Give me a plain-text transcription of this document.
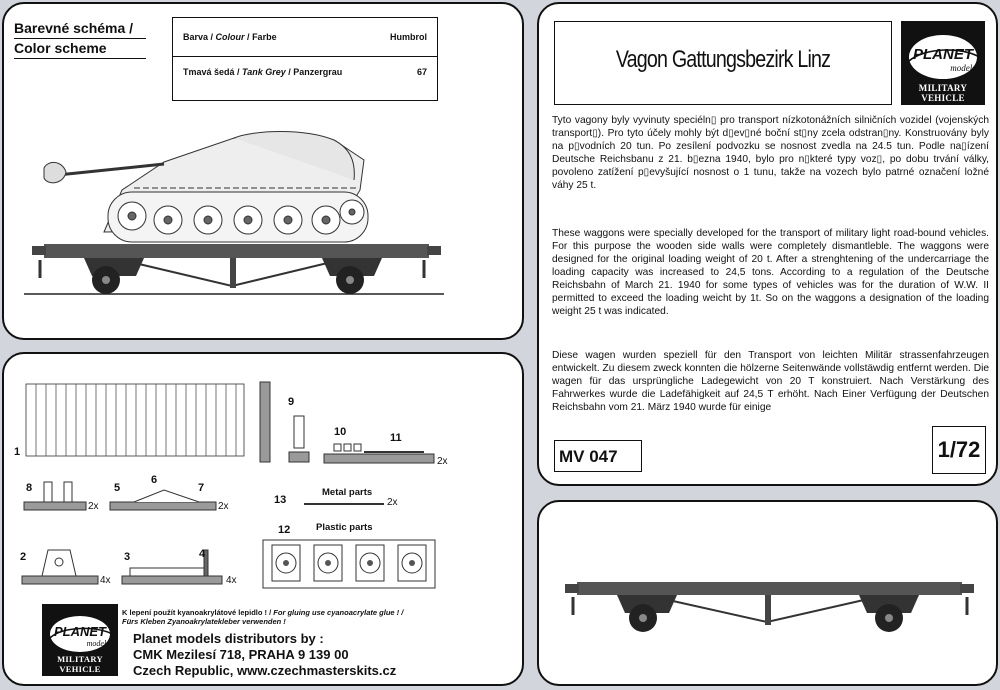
Barevné schéma /
Color scheme
Barva / Colour / Farbe	Humbrol
Tmavá šedá / Tank Grey / Panzergrau	67
1
2	3	4
5
6
7
8
9
10	11
12
13
2x	2x
2x
4x	4x
2x
Metal parts
Plastic parts
PLANET
models
MILITARY VEHICLE
K lepení použít kyanoakrylátové lepidlo ! / For gluing use cyanoacrylate glue ! /
Fürs Kleben Zyanoakrylatekleber verwenden !
Planet models distributors by :
CMK Mezilesí 718, PRAHA 9 139 00
Czech Republic, www.czechmasterskits.cz
Vagon Gattungsbezirk Linz	PLANET
models
MILITARY VEHICLE

Tyto vagony byly vyvinuty speciéln▯ pro transport nízkotonážních silničních vozidel (vojenských transport▯). Pro tyto účely mohly být d▯ev▯né boční st▯ny zcela odstran▯ny. Konstruovány byly na p▯vodních 20 tun. Po zesílení podvozku se nosnost zvedla na 24.5 tun. Podle na▯ízení Deutsche Reichsbanu z 21. b▯ezna 1940, bylo pro n▯které typy voz▯, po dobu trvání války, povoleno zatížení p▯evyšující nosnost o 1 tunu, takže na vozech bylo patrné označení ložné váhy 25 t.

These waggons were specially developed for the transport of military light road-bound vehicles. For this purpose the wooden side walls were completely dismantleble. The waggons were designed for the original loading weight of 20 t. After a strenghtening of the undercarriage the loading capacity was increased to 24,5 tons. According to a regulation of the Deutsche Reichsbahn of March 21. 1940 for some types of vehicles was for the duration of W.W. II permitted to exceed the loading weicht by 1t. So on the waggons a designation of the loading weight 25 t was indicated.

Diese wagen wurden speziell für den Transport von leichten Militär strassenfahrzeugen entwickelt. Zu diesem zweck konnten die hölzerne Seitenwände vollstäwdig entfernt werden. Die wagen für das ursprüngliche Ladegewicht von 20 T konstruiert. Nach Verstärkung des Fahrwerkes wurde die Ladefähigkeit auf 24,5 T erhöht. Nach Einer Verfügung der Deutschen Reichsbahn vom 21. März 1940 wurde für einige

MV 047	1/72
